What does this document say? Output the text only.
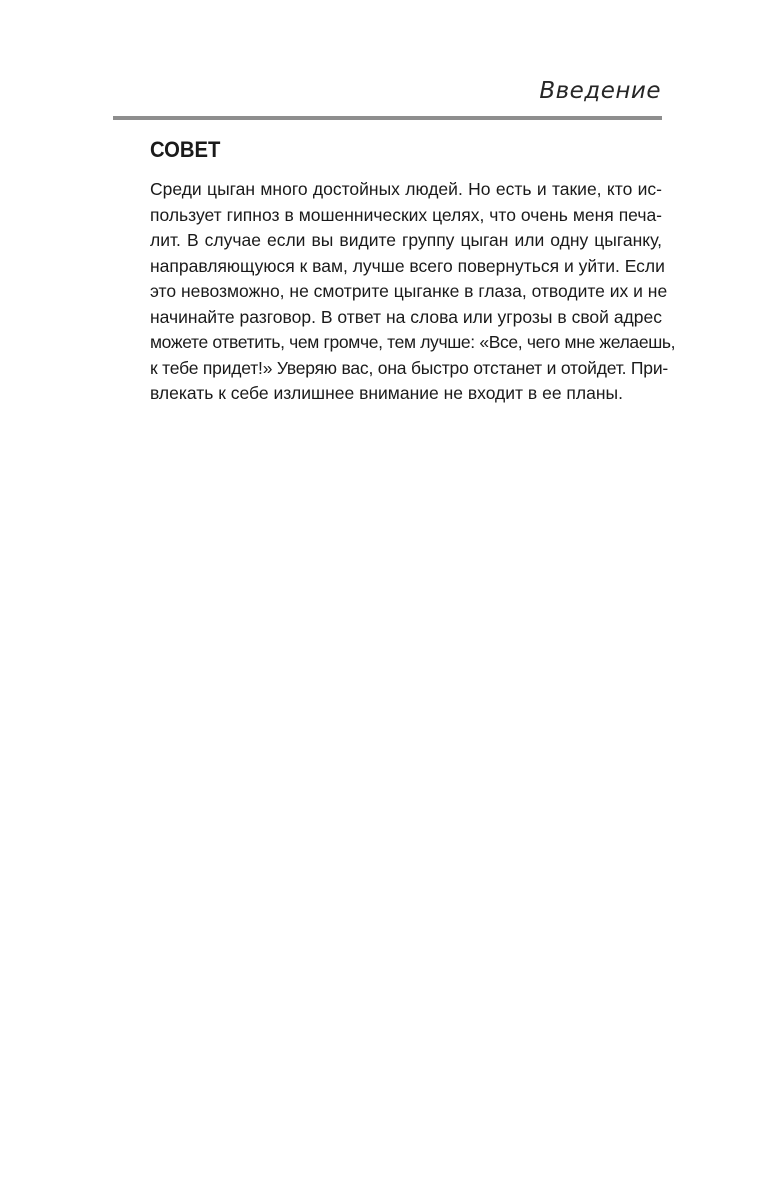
Введение
СОВЕТ
Среди цыган много достойных людей. Но есть и такие, кто ис-
пользует гипноз в мошеннических целях, что очень меня печа-
лит. В случае если вы видите группу цыган или одну цыганку,
направляющуюся к вам, лучше всего повернуться и уйти. Если
это невозможно, не смотрите цыганке в глаза, отводите их и не
начинайте разговор. В ответ на слова или угрозы в свой адрес
можете ответить, чем громче, тем лучше: «Все, чего мне желаешь,
к тебе придет!» Уверяю вас, она быстро отстанет и отойдет. При-
влекать к себе излишнее внимание не входит в ее планы.
